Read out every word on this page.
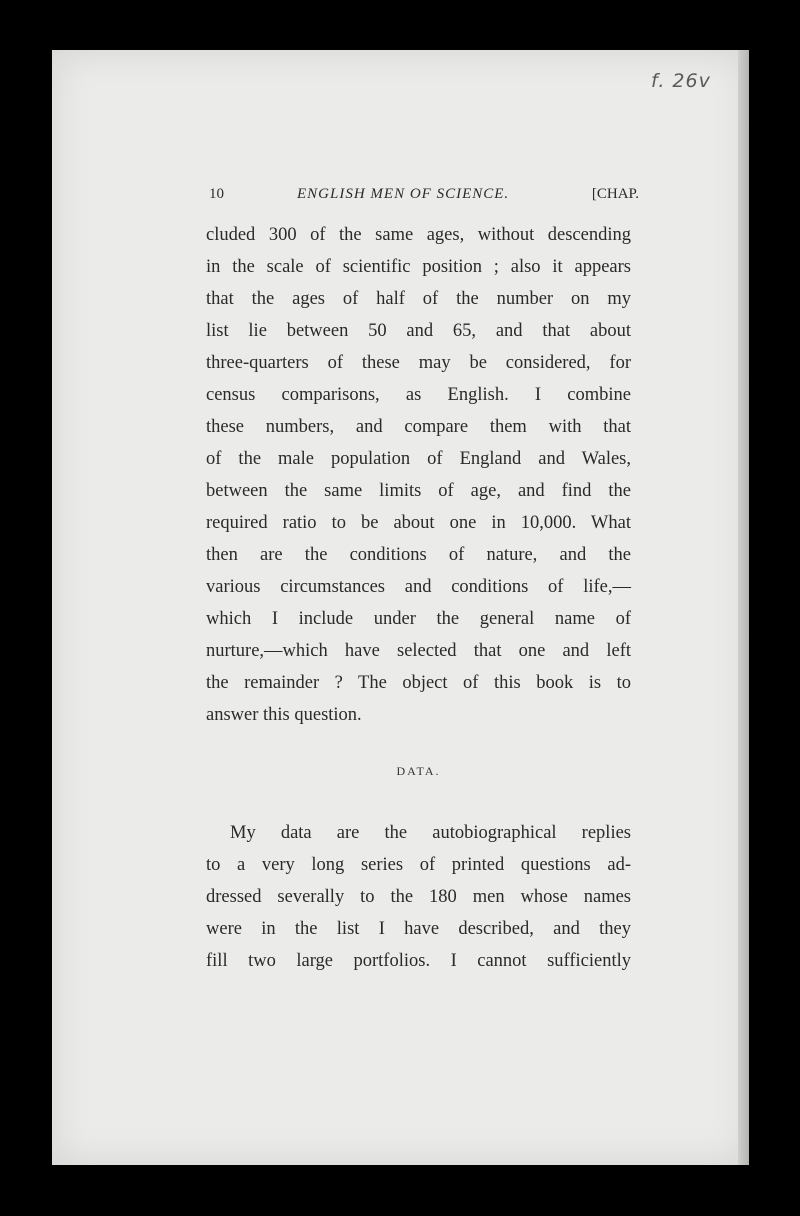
f. 26v
10	ENGLISH MEN OF SCIENCE.	[CHAP.
cluded 300 of the same ages, without descending
in the scale of scientific position ; also it appears
that the ages of half of the number on my
list lie between 50 and 65, and that about
three-quarters of these may be considered, for
census comparisons, as English. I combine
these numbers, and compare them with that
of the male population of England and Wales,
between the same limits of age, and find the
required ratio to be about one in 10,000. What
then are the conditions of nature, and the
various circumstances and conditions of life,—
which I include under the general name of
nurture,—which have selected that one and left
the remainder ? The object of this book is to
answer this question.
DATA.
My data are the autobiographical replies
to a very long series of printed questions ad-
dressed severally to the 180 men whose names
were in the list I have described, and they
fill two large portfolios. I cannot sufficiently
